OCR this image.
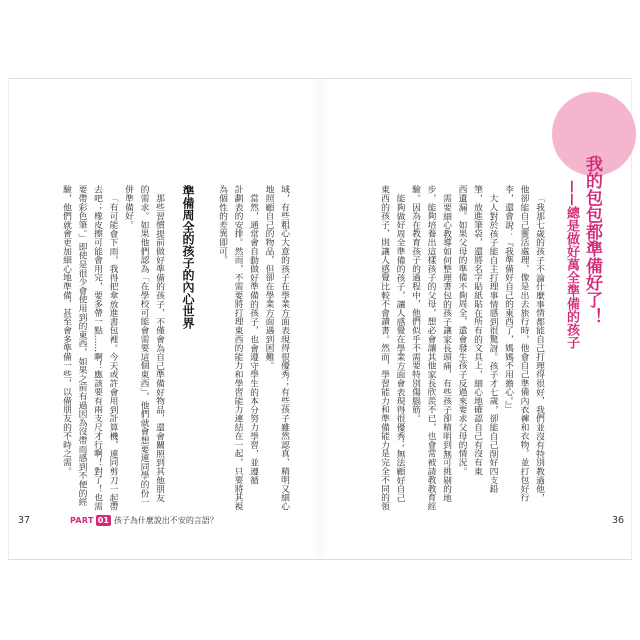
我的包包都準備好了！
——總是做好萬全準備的孩子
「我那七歲的孩子不論什麼事情都能自己打理得很好，我們並沒有特別教過他，
他卻能自己靈活處理，像是出去旅行時，他會自己準備內衣褲和衣物，並打包好行
李，還會說：『我準備好自己的東西了，媽媽不用擔心。』」
大人對於孩子能自主打理事情感到很驚訝。孩子才七歲，卻能自己削好四支鉛
筆，放進筆袋，還將名字貼紙貼在所有的文具上，細心地確認自己有沒有東
西遺漏。如果父母的準備不夠周全，還會發生孩子反過來要求父母的情況。
需要細心教導如何整理書包的孩子讓家長頭痛，有些孩子卻精明到無可挑剔的地
步，能夠培養出這樣孩子的父母，想必會讓其他家長欣羨不已，也會常被請教教育經
驗。因為在教育孩子的過程中，他們似乎不需要特別傷腦筋。
能夠做好周全準備的孩子，讓人感覺在學業方面會表現得很優秀；無法顧好自己
東西的孩子，則讓人感覺比較不會讀書。然而，學習能力和準備能力是完全不同的領
36
域，有些粗心大意的孩子在學業方面表現得很優秀；有些孩子雖然認真、精明又細心
地照顧自己的物品，但卻在學業方面遇到困難。
當然，通常會自動做好準備的孩子，也會遵守學生的本分努力學習，並遵循
計劃表的安排。然而，不需要將打理東西的能力和學習能力連結在一起，只要將其視
為個性的差異即可。
準備周全的孩子的內心世界
那些習慣提前做好準備的孩子，不僅會為自己準備好物品，還會關照到其他朋友
的需求。如果他們認為「在學校可能會需要這個東西」，他們就會想要連同學的份一
併準備好。
「有可能會下雨，我得把傘放進書包裡。今天或許會用到計算機，連同剪刀一起帶
去吧；橡皮擦可能會用完，要多帶一點……啊！應該要有兩支尺才行啊！對了！也需
要帶彩色筆。」即使是很少會使用到的東西，如果之前有過因為沒帶而感到不便的經
驗，他們就會更加細心地準備，甚至會多準備一些，以備朋友的不時之需。
37	PART 01 孩子為什麼說出不安的言語？
